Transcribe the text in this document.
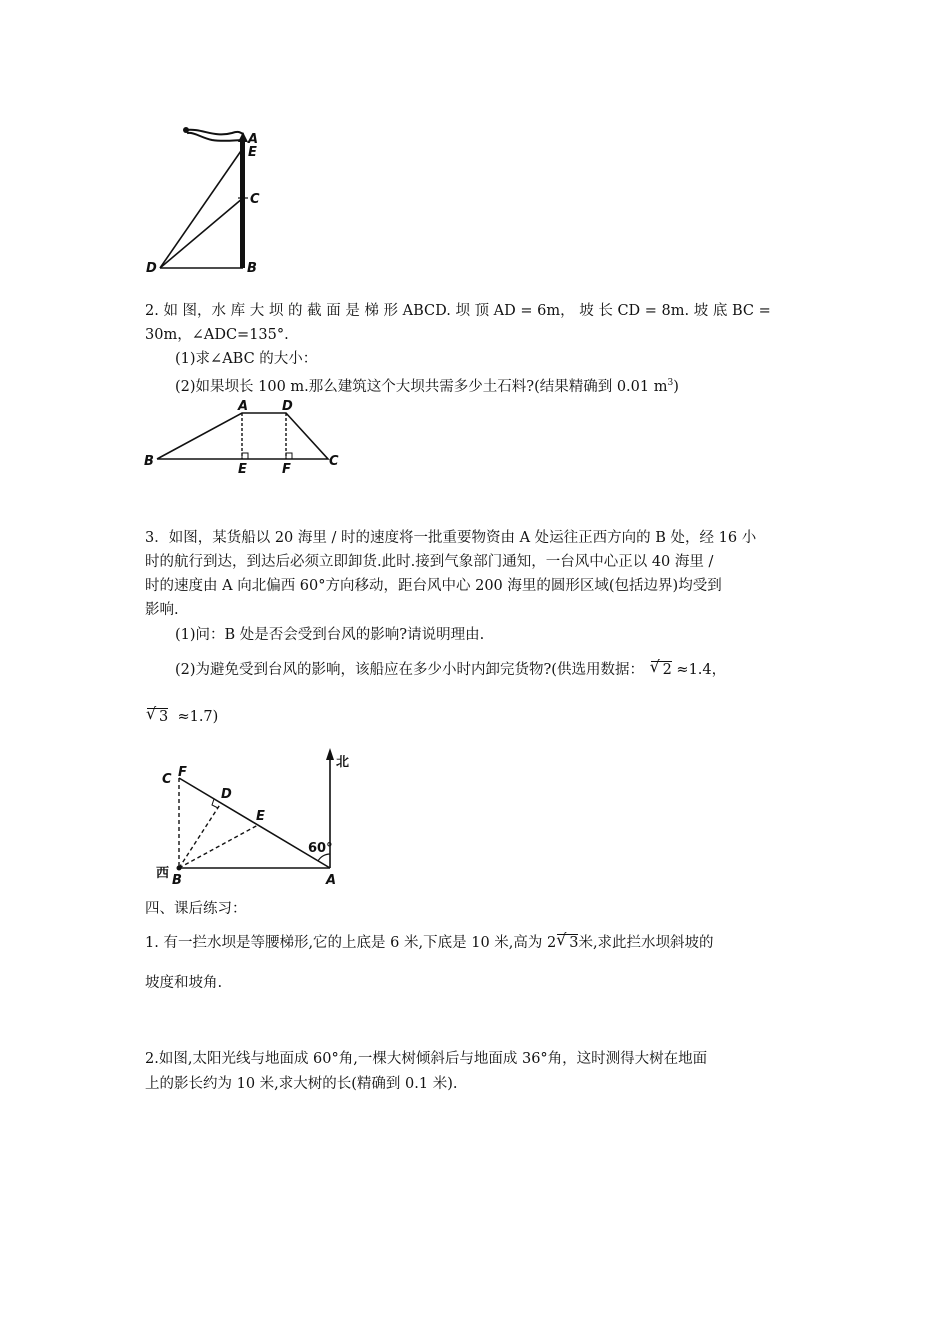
A
E
C
D	B
2. 如 图，水 库 大 坝 的 截 面 是 梯 形 ABCD. 坝 顶 AD = 6m， 坡 长 CD = 8m. 坡 底 BC =
30m，∠ADC=135°.
(1)求∠ABC 的大小：
(2)如果坝长 100 m.那么建筑这个大坝共需多少土石料?(结果精确到 0.01 $m^3$)
A	D
B
E	F
C
3．如图，某货船以 20 海里 / 时的速度将一批重要物资由 A 处运往正西方向的 B 处，经 16 小
时的航行到达，到达后必须立即卸货.此时.接到气象部门通知，一台风中心正以 40 海里 /
时的速度由 A 向北偏西 60°方向移动，距台风中心 200 海里的圆形区域(包括边界)均受到
影响.
(1)问：B 处是否会受到台风的影响?请说明理由.
(2)为避免受到台风的影响，该船应在多少小时内卸完货物?(供选用数据： √ 2 ≈1.4，
√ 3 ≈1.7)
C F
D
E
60°
西 B	A
北
四、课后练习：
1. 有一拦水坝是等腰梯形,它的上底是 6 米,下底是 10 米,高为 2 √ 3米,求此拦水坝斜坡的
坡度和坡角.
2.如图,太阳光线与地面成 60°角,一棵大树倾斜后与地面成 36°角，这时测得大树在地面
上的影长约为 10 米,求大树的长(精确到 0.1 米).
